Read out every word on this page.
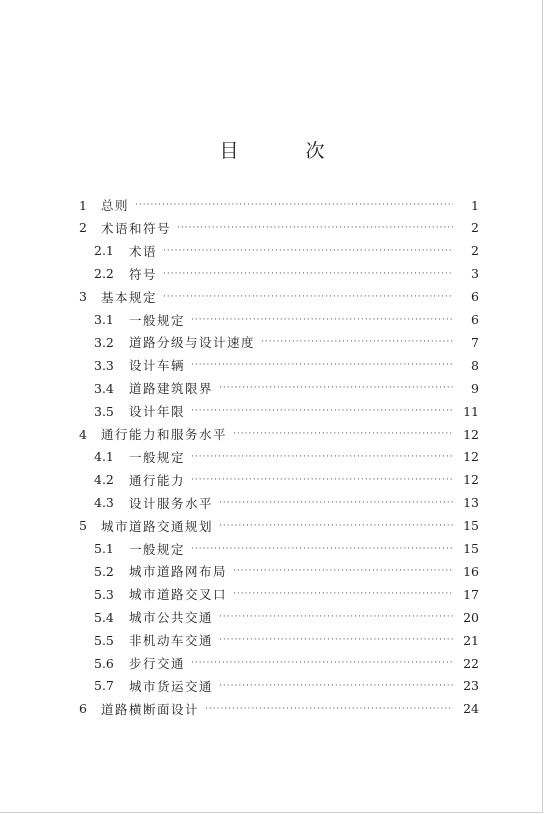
目　次
1	总则 ·····	1
2	术语和符号 ·····	2
2.1	术语 ·····	2
2.2	符号 ·····	3
3	基本规定 ·····	6
3.1	一般规定 ·····	6
3.2	道路分级与设计速度 ·····	7
3.3	设计车辆 ·····	8
3.4	道路建筑限界 ·····	9
3.5	设计年限 ·····	11
4	通行能力和服务水平 ·····	12
4.1	一般规定 ·····	12
4.2	通行能力 ·····	12
4.3	设计服务水平 ·····	13
5	城市道路交通规划 ·····	15
5.1	一般规定 ·····	15
5.2	城市道路网布局 ·····	16
5.3	城市道路交叉口 ·····	17
5.4	城市公共交通 ·····	20
5.5	非机动车交通 ·····	21
5.6	步行交通 ·····	22
5.7	城市货运交通 ·····	23
6	道路横断面设计 ·····	24
